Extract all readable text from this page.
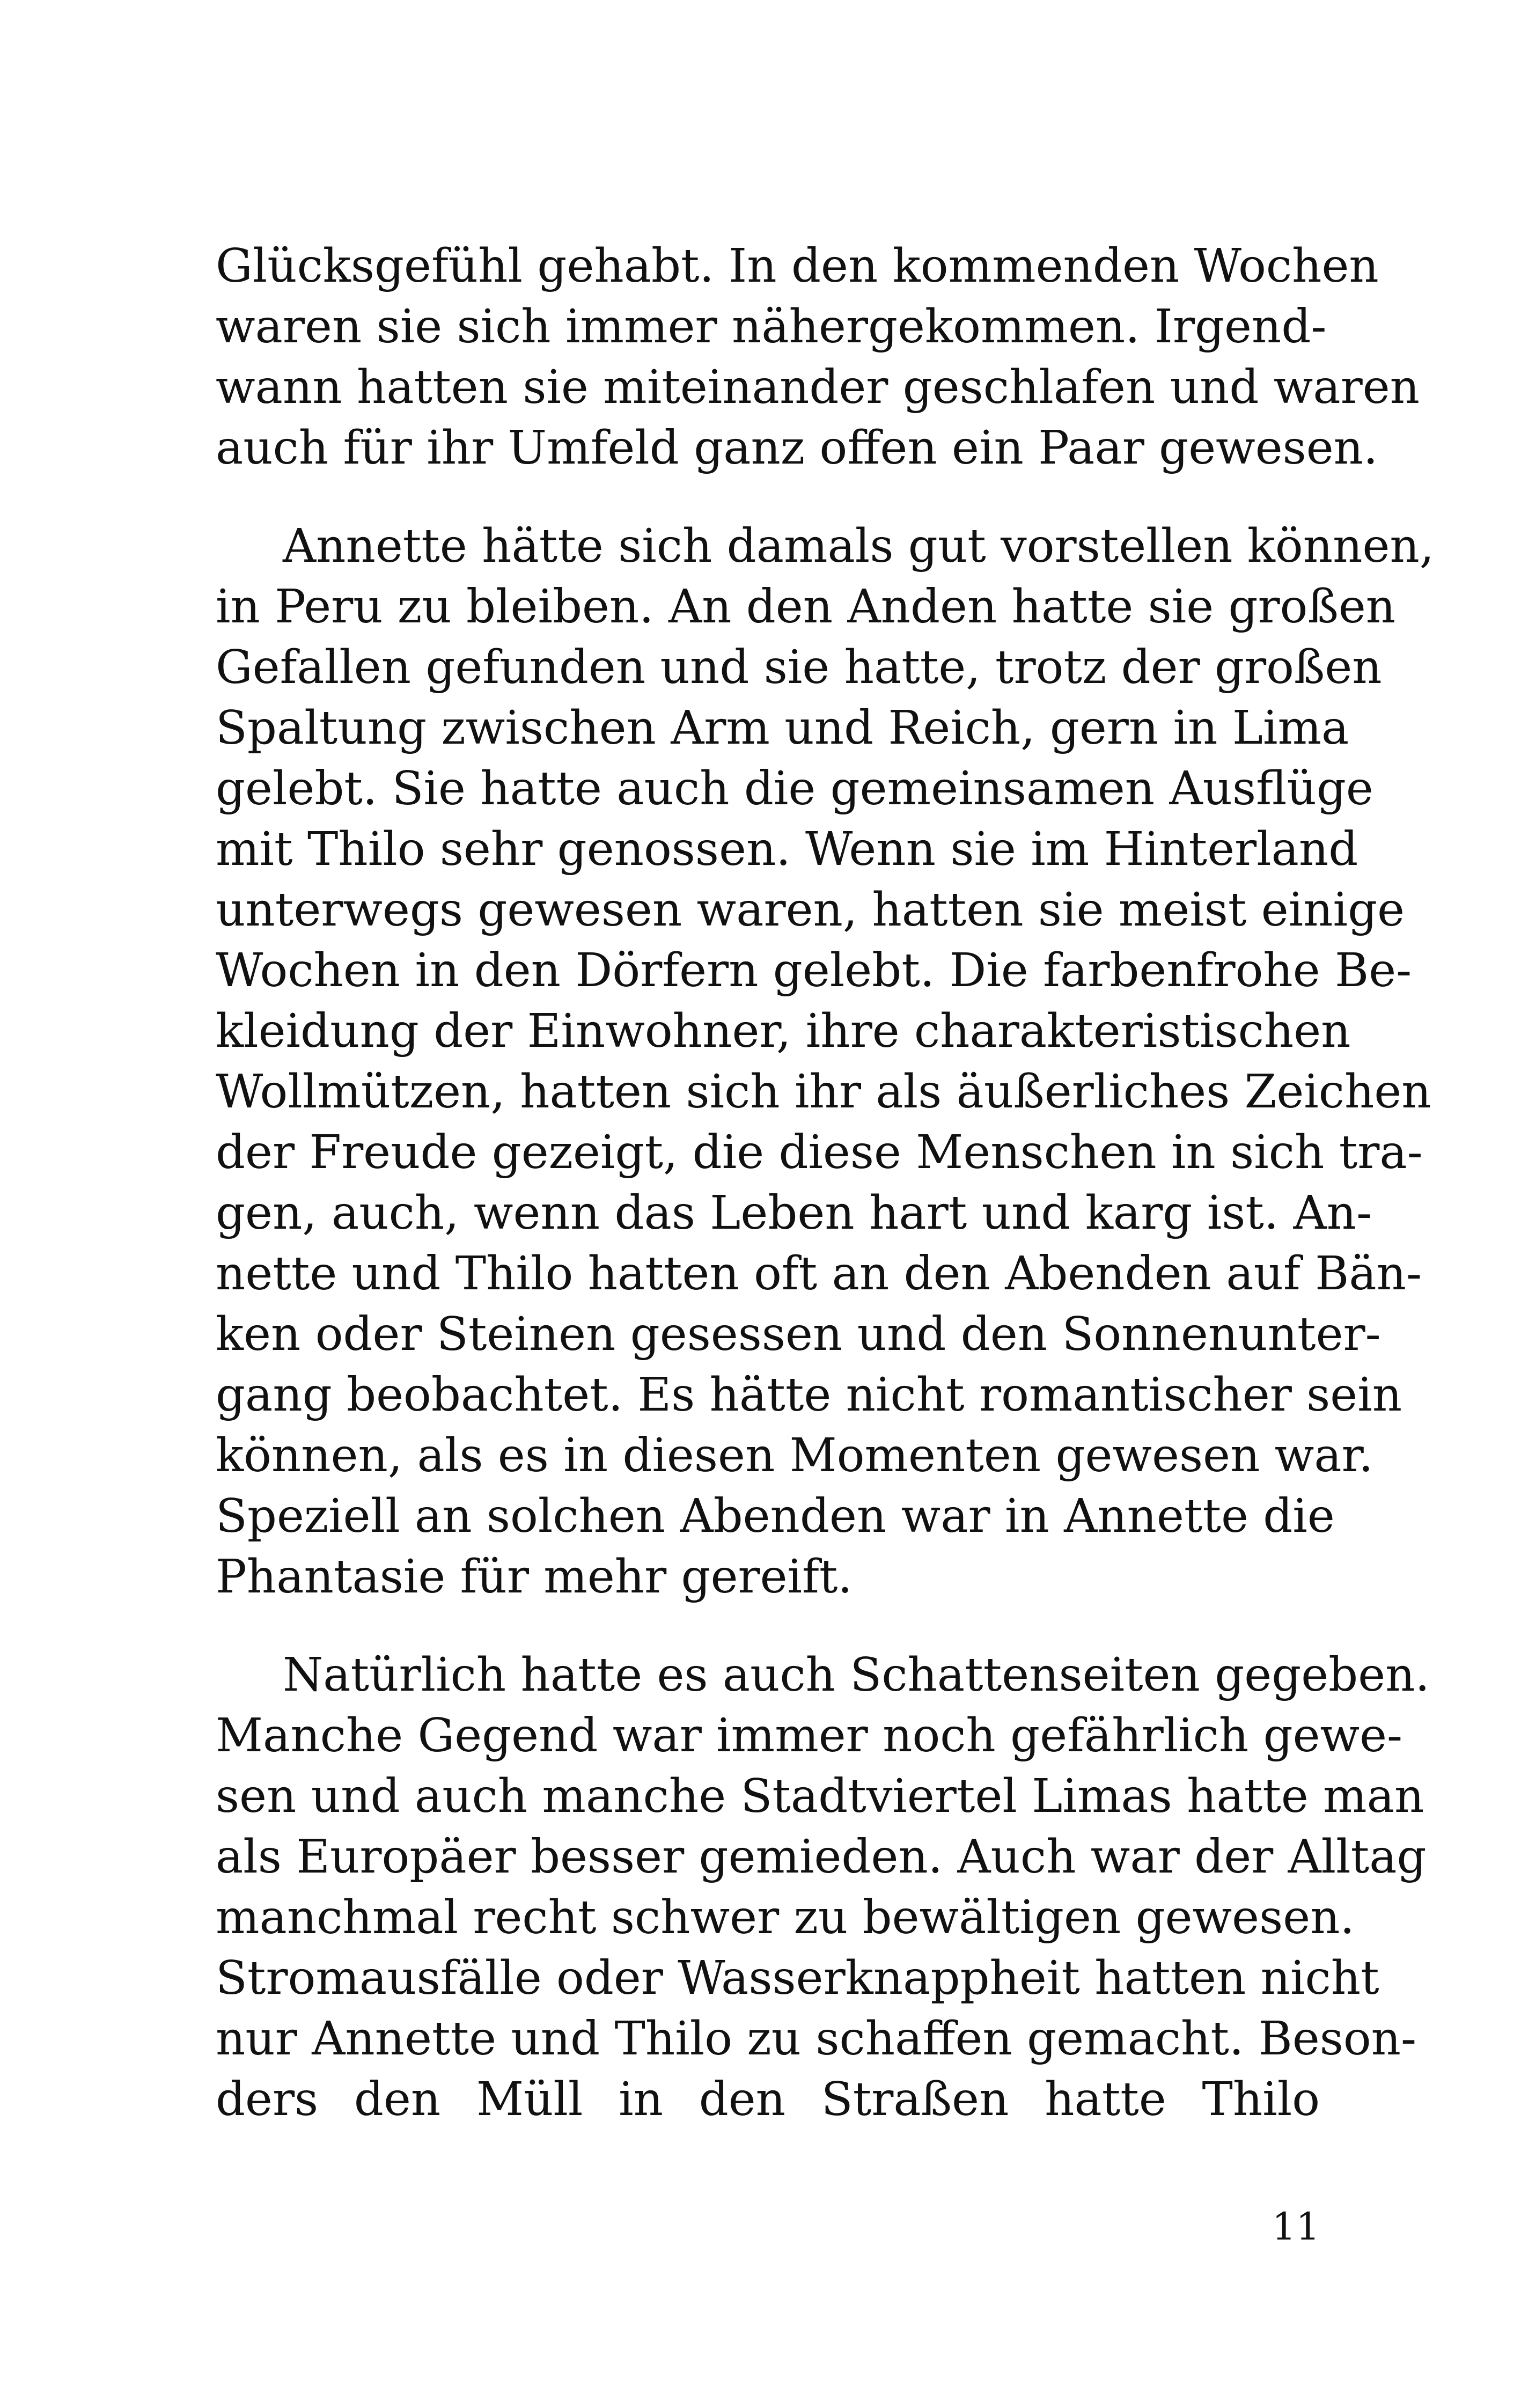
Glücksgefühl gehabt. In den kommenden Wochen
waren sie sich immer nähergekommen. Irgend-
wann hatten sie miteinander geschlafen und waren
auch für ihr Umfeld ganz offen ein Paar gewesen.

Annette hätte sich damals gut vorstellen können,
in Peru zu bleiben. An den Anden hatte sie großen
Gefallen gefunden und sie hatte, trotz der großen
Spaltung zwischen Arm und Reich, gern in Lima
gelebt. Sie hatte auch die gemeinsamen Ausflüge
mit Thilo sehr genossen. Wenn sie im Hinterland
unterwegs gewesen waren, hatten sie meist einige
Wochen in den Dörfern gelebt. Die farbenfrohe Be-
kleidung der Einwohner, ihre charakteristischen
Wollmützen, hatten sich ihr als äußerliches Zeichen
der Freude gezeigt, die diese Menschen in sich tra-
gen, auch, wenn das Leben hart und karg ist. An-
nette und Thilo hatten oft an den Abenden auf Bän-
ken oder Steinen gesessen und den Sonnenunter-
gang beobachtet. Es hätte nicht romantischer sein
können, als es in diesen Momenten gewesen war.
Speziell an solchen Abenden war in Annette die
Phantasie für mehr gereift.

Natürlich hatte es auch Schattenseiten gegeben.
Manche Gegend war immer noch gefährlich gewe-
sen und auch manche Stadtviertel Limas hatte man
als Europäer besser gemieden. Auch war der Alltag
manchmal recht schwer zu bewältigen gewesen.
Stromausfälle oder Wasserknappheit hatten nicht
nur Annette und Thilo zu schaffen gemacht. Beson-
ders den Müll in den Straßen hatte Thilo

11
